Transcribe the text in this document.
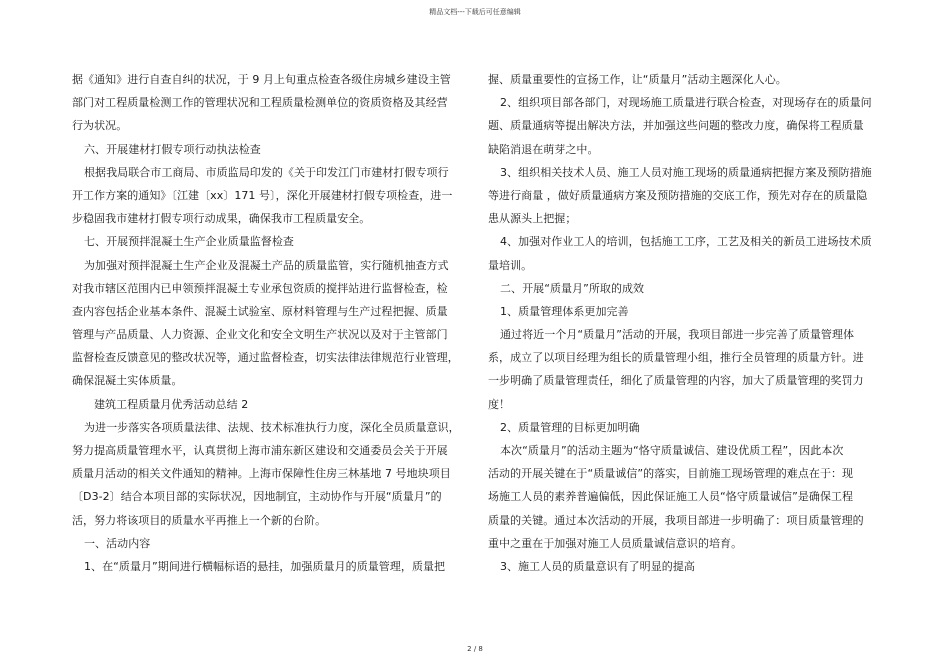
精品文档---下载后可任意编辑
据《通知》进行自查自纠的状况，于 9 月上旬重点检查各级住房城乡建设主管
部门对工程质量检测工作的管理状况和工程质量检测单位的资质资格及其经营
行为状况。
六、开展建材打假专项行动执法检查
根据我局联合市工商局、市质监局印发的《关于印发江门市建材打假专项行
开工作方案的通知》〔江建〔xx〕171 号〕，深化开展建材打假专项检查，进一
步稳固我市建材打假专项行动成果，确保我市工程质量安全。
七、开展预拌混凝土生产企业质量监督检查
为加强对预拌混凝土生产企业及混凝土产品的质量监管，实行随机抽查方式
对我市辖区范围内已申领预拌混凝土专业承包资质的搅拌站进行监督检查，检
查内容包括企业基本条件、混凝土试验室、原材料管理与生产过程把握、质量
管理与产品质量、人力资源、企业文化和安全文明生产状况以及对于主管部门
监督检查反馈意见的整改状况等，通过监督检查，切实法律法律规范行业管理，
确保混凝土实体质量。
建筑工程质量月优秀活动总结 2
为进一步落实各项质量法律、法规、技术标准执行力度，深化全员质量意识，
努力提高质量管理水平，认真贯彻上海市浦东新区建设和交通委员会关于开展
质量月活动的相关文件通知的精神。上海市保障性住房三林基地 7 号地块项目
〔D3-2〕结合本项目部的实际状况，因地制宜，主动协作与开展“质量月”的
活，努力将该项目的质量水平再推上一个新的台阶。
一、活动内容
1、在“质量月”期间进行横幅标语的悬挂，加强质量月的质量管理，质量把
握、质量重要性的宣扬工作，让“质量月”活动主题深化人心。
2、组织项目部各部门，对现场施工质量进行联合检查，对现场存在的质量问
题、质量通病等提出解决方法，并加强这些问题的整改力度，确保将工程质量
缺陷消退在萌芽之中。
3、组织相关技术人员、施工人员对施工现场的质量通病把握方案及预防措施
等进行商量 ，做好质量通病方案及预防措施的交底工作，预先对存在的质量隐
患从源头上把握；
4、加强对作业工人的培训，包括施工工序，工艺及相关的新员工进场技术质
量培训。
二、开展“质量月”所取的成效
1、质量管理体系更加完善
通过将近一个月“质量月”活动的开展，我项目部进一步完善了质量管理体
系，成立了以项目经理为组长的质量管理小组，推行全员管理的质量方针。进
一步明确了质量管理责任，细化了质量管理的内容，加大了质量管理的奖罚力
度！
2、质量管理的目标更加明确
本次“质量月”的活动主题为“恪守质量诚信、建设优质工程”，因此本次
活动的开展关键在于“质量诚信”的落实，目前施工现场管理的难点在于：现
场施工人员的素养普遍偏低，因此保证施工人员“恪守质量诚信”是确保工程
质量的关键。通过本次活动的开展，我项目部进一步明确了：项目质量管理的
重中之重在于加强对施工人员质量诚信意识的培育。
3、施工人员的质量意识有了明显的提高
2 / 8
